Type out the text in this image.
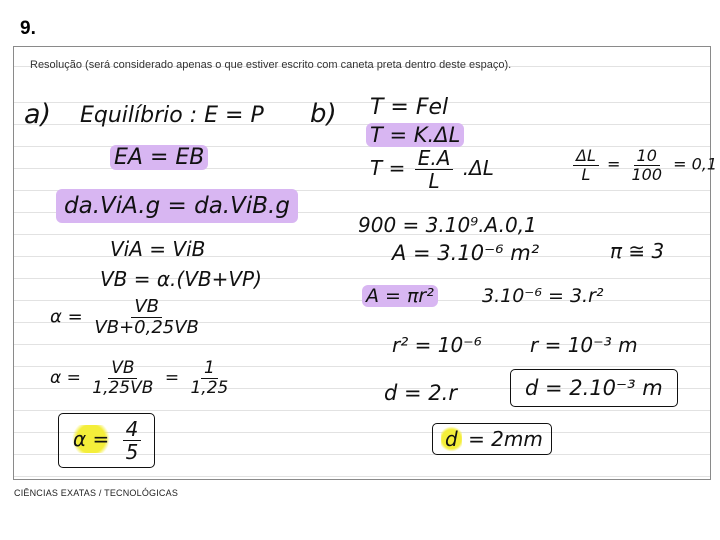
9.
Resolução (será considerado apenas o que estiver escrito com caneta preta dentro deste espaço).
a) Equilíbrio : E = P
EA = EB
da.ViA.g = da.ViB.g
ViA = ViB
VB = α.(VB+VP)
$\alpha = \frac{VB}{VB+0,25VB}$
$\alpha = \frac{VB}{1,25VB} = \frac{1}{1,25}$
$\alpha = \frac{4}{5}$
b) T = Fel
T = K.ΔL
$T = \frac{E.A}{L} .\Delta L$	$\frac{\Delta L}{L} = \frac{10}{100} = 0,1$
900 = 3.10⁹.A.0,1
A = 3.10⁻⁶ m²	π ≅ 3
A = πr²	3.10⁻⁶ = 3.r²
r² = 10⁻⁶ r = 10⁻³ m
d = 2.r	d = 2.10⁻³ m
d = 2mm
CIÊNCIAS EXATAS / TECNOLÓGICAS
